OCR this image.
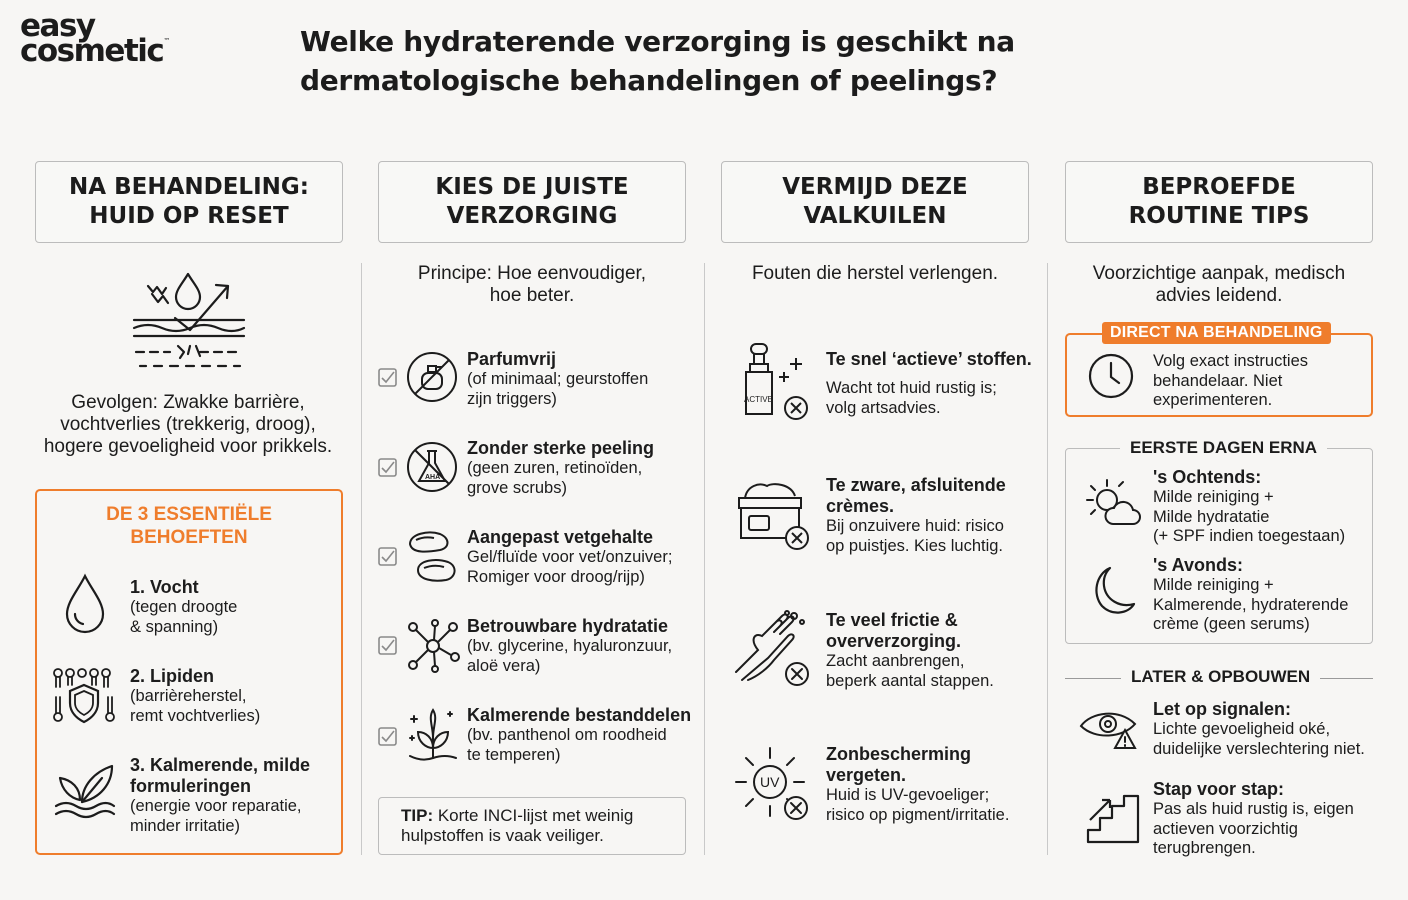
easy
cosmetic™	Welke hydraterende verzorging is geschikt na
dermatologische behandelingen of peelings?
NA BEHANDELING:
HUID OP RESET
KIES DE JUISTE
VERZORGING
VERMIJD DEZE
VALKUILEN
BEPROEFDE
ROUTINE TIPS
Gevolgen: Zwakke barrière,
vochtverlies (trekkerig, droog),
hogere gevoeligheid voor prikkels.
DE 3 ESSENTIËLE
BEHOEFTEN
1. Vocht
(tegen droogte
& spanning)
2. Lipiden
(barrièreherstel,
remt vochtverlies)
3. Kalmerende, milde
formuleringen
(energie voor reparatie,
minder irritatie)
Principe: Hoe eenvoudiger,
hoe beter.
Parfumvrij
(of minimaal; geurstoffen
zijn triggers)
AHA
Zonder sterke peeling
(geen zuren, retinoïden,
grove scrubs)
Aangepast vetgehalte
Gel/fluïde voor vet/onzuiver;
Romiger voor droog/rijp)
Betrouwbare hydratatie
(bv. glycerine, hyaluronzuur,
aloë vera)
Kalmerende bestanddelen
(bv. panthenol om roodheid
te temperen)
TIP: Korte INCI-lijst met weinig
hulpstoffen is vaak veiliger.
Fouten die herstel verlengen.
ACTIVE
Te snel ‘actieve’ stoffen.
Wacht tot huid rustig is;
volg artsadvies.
Te zware, afsluitende
crèmes.
Bij onzuivere huid: risico
op puistjes. Kies luchtig.
Te veel frictie &
oververzorging.
Zacht aanbrengen,
beperk aantal stappen.
UV
Zonbescherming
vergeten.
Huid is UV-gevoeliger;
risico op pigment/irritatie.
Voorzichtige aanpak, medisch
advies leidend.
DIRECT NA BEHANDELING
Volg exact instructies
behandelaar. Niet
experimenteren.
EERSTE DAGEN ERNA
's Ochtends:
Milde reiniging +
Milde hydratatie
(+ SPF indien toegestaan)
's Avonds:
Milde reiniging +
Kalmerende, hydraterende
crème (geen serums)
LATER & OPBOUWEN
Let op signalen:
Lichte gevoeligheid oké,
duidelijke verslechtering niet.
Stap voor stap:
Pas als huid rustig is, eigen
actieven voorzichtig
terugbrengen.
